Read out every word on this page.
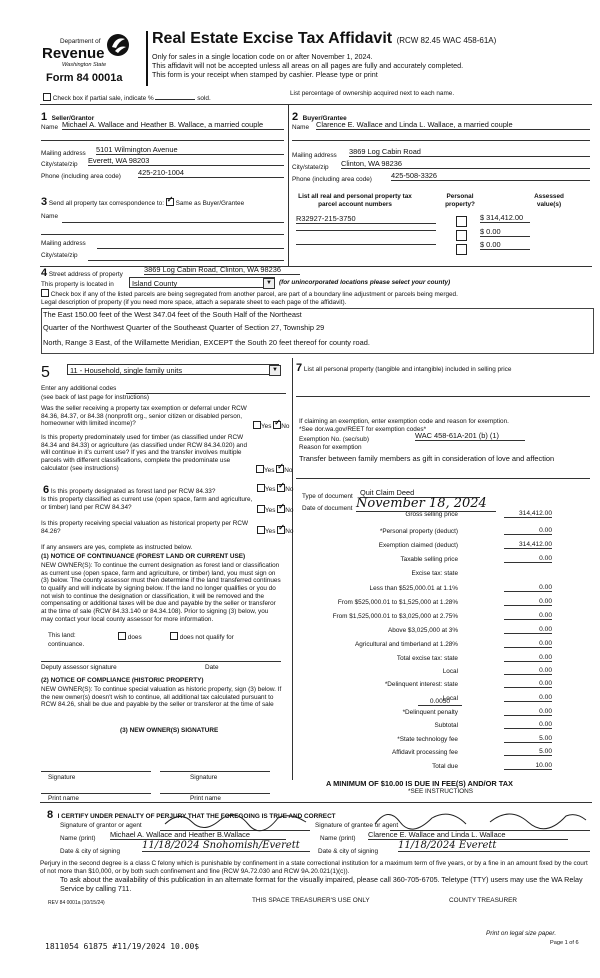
Department of
Revenue
Washington State
Form 84 0001a
Real Estate Excise Tax Affidavit (RCW 82.45 WAC 458-61A)
Only for sales in a single location code on or after November 1, 2024.
This affidavit will not be accepted unless all areas on all pages are fully and accurately completed.
This form is your receipt when stamped by cashier. Please type or print
Check box if partial sale, indicate %	sold.
List percentage of ownership acquired next to each name.
1 Seller/Grantor
Name Michael A. Wallace and Heather B. Wallace, a married couple
Mailing address 5101 Wilmington Avenue
City/state/zip Everett, WA 98203
Phone (including area code) 425-210-1004
2 Buyer/Grantee
Name Clarence E. Wallace and Linda L. Wallace, a married couple
Mailing address 3869 Log Cabin Road
City/state/zip Clinton, WA 98236
Phone (including area code)	425-508-3326
3 Send all property tax correspondence to: ✓ Same as Buyer/Grantee
Name
Mailing address
City/state/zip
List all real and personal property tax parcel account numbers
Personal property?
Assessed value(s)
R32927-215-3750	$ 314,412.00
$ 0.00
$ 0.00
4 Street address of property
3869 Log Cabin Road, Clinton, WA 98236
This property is located in	Island County	▼	(for unincorporated locations please select your county)
Check box if any of the listed parcels are being segregated from another parcel, are part of a boundary line adjustment or parcels being merged.
Legal description of property (if you need more space, attach a separate sheet to each page of the affidavit).
The East 150.00 feet of the West 347.04 feet of the South Half of the Northeast
Quarter of the Northwest Quarter of the Southeast Quarter of Section 27, Township 29
North, Range 3 East, of the Willamette Meridian, EXCEPT the South 20 feet thereof for county road.
5	11 - Household, single family units	▼
Enter any additional codes
(see back of last page for instructions)
Was the seller receiving a property tax exemption or deferral under RCW 84.36, 84.37, or 84.38 (nonprofit org., senior citizen or disabled person, homeowner with limited income)?	Yes ✓ No
Is this property predominately used for timber (as classified under RCW 84.34 and 84.33) or agriculture (as classified under RCW 84.34.020) and will continue in it's current use? If yes and the transfer involves multiple parcels with different classifications, complete the predominate use calculator (see instructions)	Yes ✓ No
6 Is this property designated as forest land per RCW 84.33?	Yes ✓ No
Is this property classified as current use (open space, farm and agriculture, or timber) land per RCW 84.34?	Yes ✓ No
Is this property receiving special valuation as historical property per RCW 84.26?	Yes ✓ No
If any answers are yes, complete as instructed below.
(1) NOTICE OF CONTINUANCE (FOREST LAND OR CURRENT USE)
NEW OWNER(S): To continue the current designation as forest land or classification as current use (open space, farm and agriculture, or timber) land, you must sign on (3) below. The county assessor must then determine if the land transferred continues to qualify and will indicate by signing below. If the land no longer qualifies or you do not wish to continue the designation or classification, it will be removed and the compensating or additional taxes will be due and payable by the seller or transferor at the time of sale (RCW 84.33.140 or 84.34.108). Prior to signing (3) below, you may contact your local county assessor for more information.
This land:
continuance.
does	does not qualify for
Deputy assessor signature	Date
(2) NOTICE OF COMPLIANCE (HISTORIC PROPERTY)
NEW OWNER(S): To continue special valuation as historic property, sign (3) below. If the new owner(s) doesn't wish to continue, all additional tax calculated pursuant to RCW 84.26, shall be due and payable by the seller or transferor at the time of sale
(3) NEW OWNER(S) SIGNATURE
Signature	Signature
Print name	Print name
7 List all personal property (tangible and intangible) included in selling price
If claiming an exemption, enter exemption code and reason for exemption. *See dor.wa.gov/REET for exemption codes*
Exemption No. (sec/sub)	WAC 458-61A-201 (b) (1)
Reason for exemption
Transfer between family members as gift in consideration of love and affection
Type of document Quit Claim Deed
Date of document November 18, 2024
Gross selling price	314,412.00
*Personal property (deduct)	0.00
Exemption claimed (deduct)	314,412.00
Taxable selling price	0.00
Excise tax: state
Less than $525,000.01 at 1.1%	0.00
From $525,000.01 to $1,525,000 at 1.28%	0.00
From $1,525,000.01 to $3,025,000 at 2.75%	0.00
Above $3,025,000 at 3%	0.00
Agricultural and timberland at 1.28%	0.00
Total excise tax: state	0.00
Local	0.00
*Delinquent interest: state	0.00
Local	0.00
*Delinquent penalty	0.00
Subtotal	0.00
*State technology fee	5.00
Affidavit processing fee	5.00
Total due	10.00
0.0050
A MINIMUM OF $10.00 IS DUE IN FEE(S) AND/OR TAX
*SEE INSTRUCTIONS
8 I CERTIFY UNDER PENALTY OF PERJURY THAT THE FOREGOING IS TRUE AND CORRECT
Signature of grantor or agent	Signature of grantee or agent
Name (print) Michael A. Wallace and Heather B.Wallace	Name (print) Clarence E. Wallace and Linda L. Wallace
Date & city of signing
11/18/2024 Snohomish/Everett
Date & city of signing
11/18/2024 Everett
Perjury in the second degree is a class C felony which is punishable by confinement in a state correctional institution for a maximum term of five years, or by a fine in an amount fixed by the court of not more than $10,000, or by both such confinement and fine (RCW 9A.72.030 and RCW 9A.20.021(1)(c)).
To ask about the availability of this publication in an alternate format for the visually impaired, please call 360-705-6705. Teletype (TTY) users may use the WA Relay Service by calling 711.
REV 84 0001a (10/15/24)	THIS SPACE TREASURER'S USE ONLY	COUNTY TREASURER
Print on legal size paper.
Page 1 of 6
1811054 61875 #11/19/2024 10.00$
